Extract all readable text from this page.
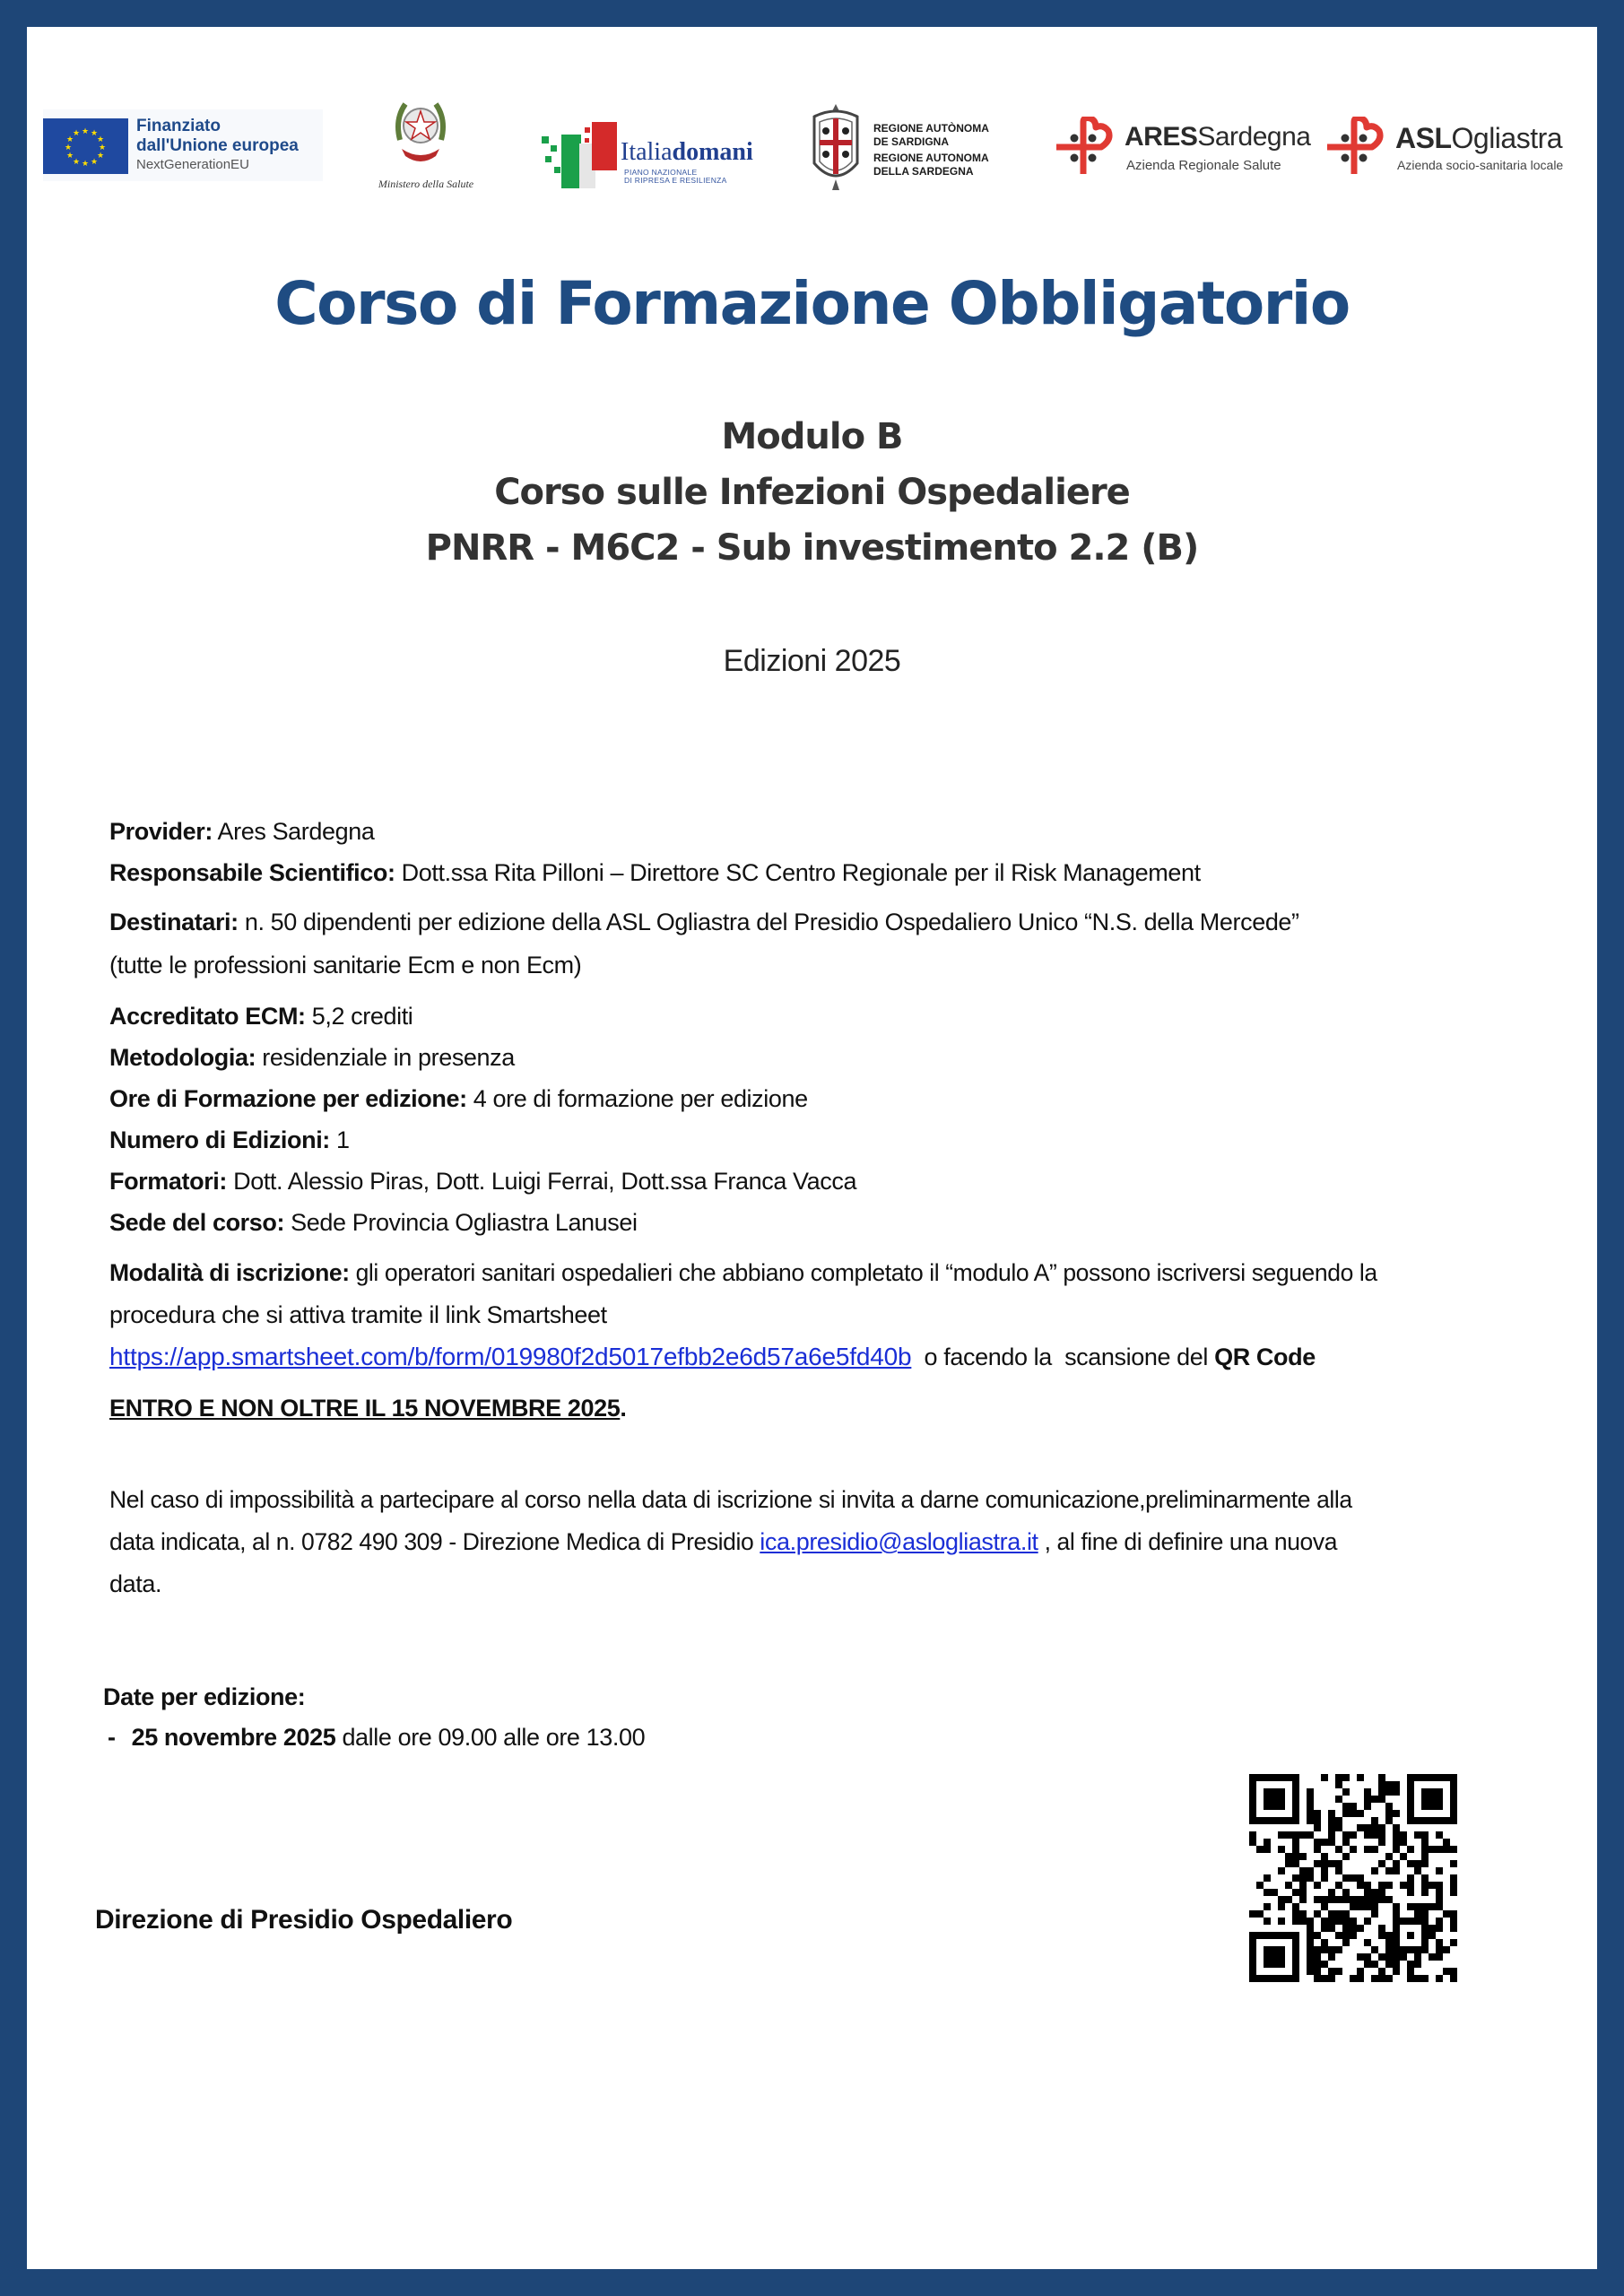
★ ★
★
★
★
★
★
★
★
★
★
★	Finanziato
dall'Unione europea
NextGenerationEU
Ministero della Salute
Italiadomani
PIANO NAZIONALE
DI RIPRESA E RESILIENZA
REGIONE AUTÒNOMA
DE SARDIGNA
REGIONE AUTONOMA
DELLA SARDEGNA
ARESSardegna
Azienda Regionale Salute
ASLOgliastra
Azienda socio-sanitaria locale
Corso di Formazione Obbligatorio
Modulo B
Corso sulle Infezioni Ospedaliere
PNRR - M6C2 - Sub investimento 2.2 (B)
Edizioni 2025
Provider: Ares Sardegna
Responsabile Scientifico: Dott.ssa Rita Pilloni – Direttore SC Centro Regionale per il Risk Management
Destinatari: n. 50 dipendenti per edizione della ASL Ogliastra del Presidio Ospedaliero Unico “N.S. della Mercede”
(tutte le professioni sanitarie Ecm e non Ecm)
Accreditato ECM: 5,2 crediti
Metodologia: residenziale in presenza
Ore di Formazione per edizione: 4 ore di formazione per edizione
Numero di Edizioni: 1
Formatori: Dott. Alessio Piras, Dott. Luigi Ferrai, Dott.ssa Franca Vacca
Sede del corso: Sede Provincia Ogliastra Lanusei
Modalità di iscrizione: gli operatori sanitari ospedalieri che abbiano completato il “modulo A” possono iscriversi seguendo la
procedura che si attiva tramite il link Smartsheet
https://app.smartsheet.com/b/form/019980f2d5017efbb2e6d57a6e5fd40b  o facendo la  scansione del QR Code
ENTRO E NON OLTRE IL 15 NOVEMBRE 2025.
Nel caso di impossibilità a partecipare al corso nella data di iscrizione si invita a darne comunicazione,preliminarmente alla
data indicata, al n. 0782 490 309 - Direzione Medica di Presidio ica.presidio@aslogliastra.it , al fine di definire una nuova
data.
Date per edizione:
- 25 novembre 2025 dalle ore 09.00 alle ore 13.00
Direzione di Presidio Ospedaliero
